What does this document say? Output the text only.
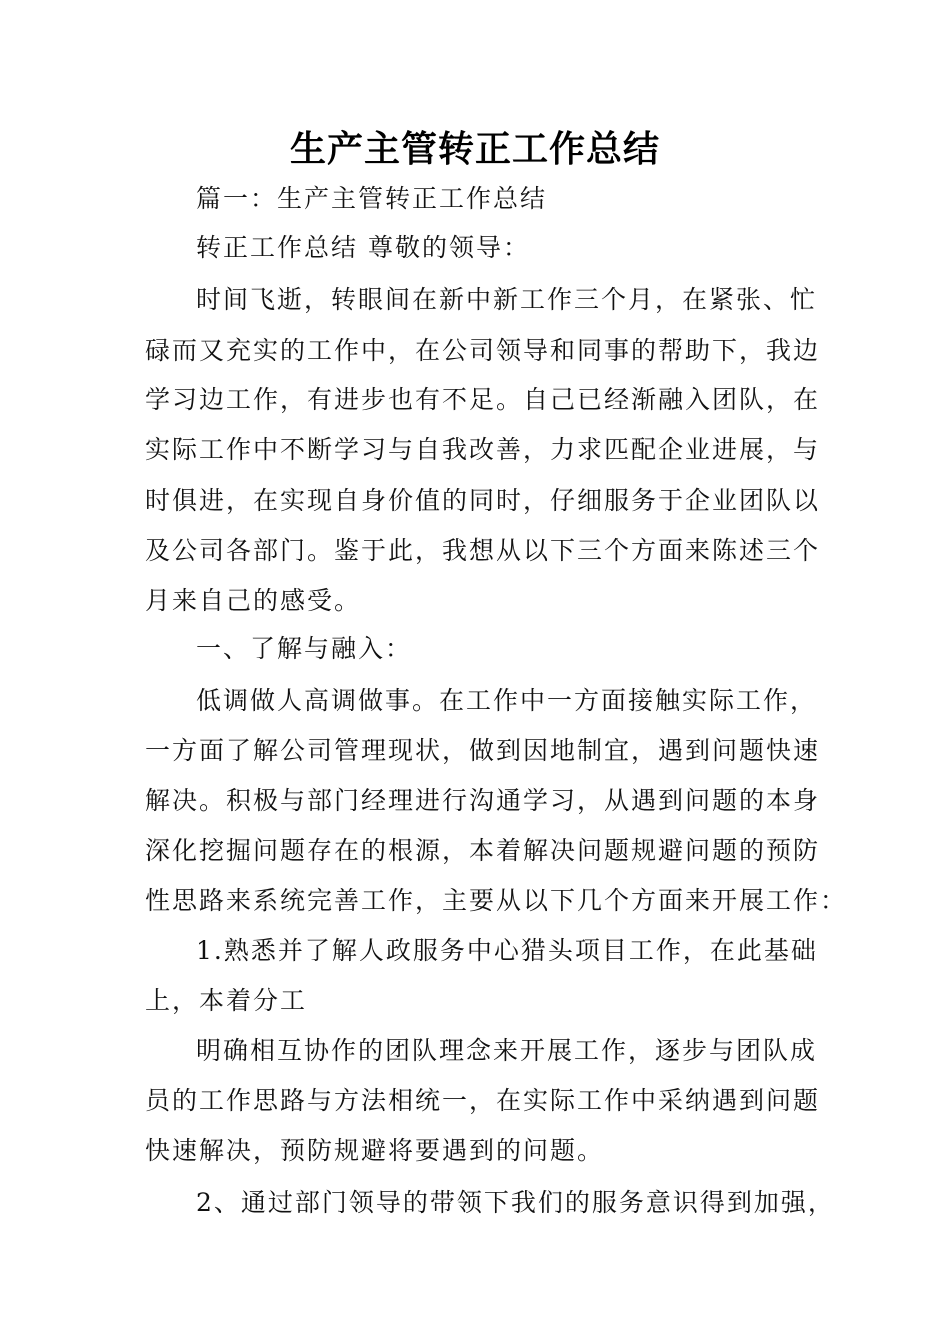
生产主管转正工作总结
篇一：生产主管转正工作总结
转正工作总结 尊敬的领导：
时间飞逝，转眼间在新中新工作三个月，在紧张、忙
碌而又充实的工作中，在公司领导和同事的帮助下，我边
学习边工作，有进步也有不足。自己已经渐融入团队，在
实际工作中不断学习与自我改善，力求匹配企业进展，与
时俱进，在实现自身价值的同时，仔细服务于企业团队以
及公司各部门。鉴于此，我想从以下三个方面来陈述三个
月来自己的感受。
一、了解与融入：
低调做人高调做事。在工作中一方面接触实际工作，
一方面了解公司管理现状，做到因地制宜，遇到问题快速
解决。积极与部门经理进行沟通学习，从遇到问题的本身
深化挖掘问题存在的根源，本着解决问题规避问题的预防
性思路来系统完善工作，主要从以下几个方面来开展工作：
1.熟悉并了解人政服务中心猎头项目工作，在此基础
上，本着分工
明确相互协作的团队理念来开展工作，逐步与团队成
员的工作思路与方法相统一，在实际工作中采纳遇到问题
快速解决，预防规避将要遇到的问题。
2、通过部门领导的带领下我们的服务意识得到加强，
